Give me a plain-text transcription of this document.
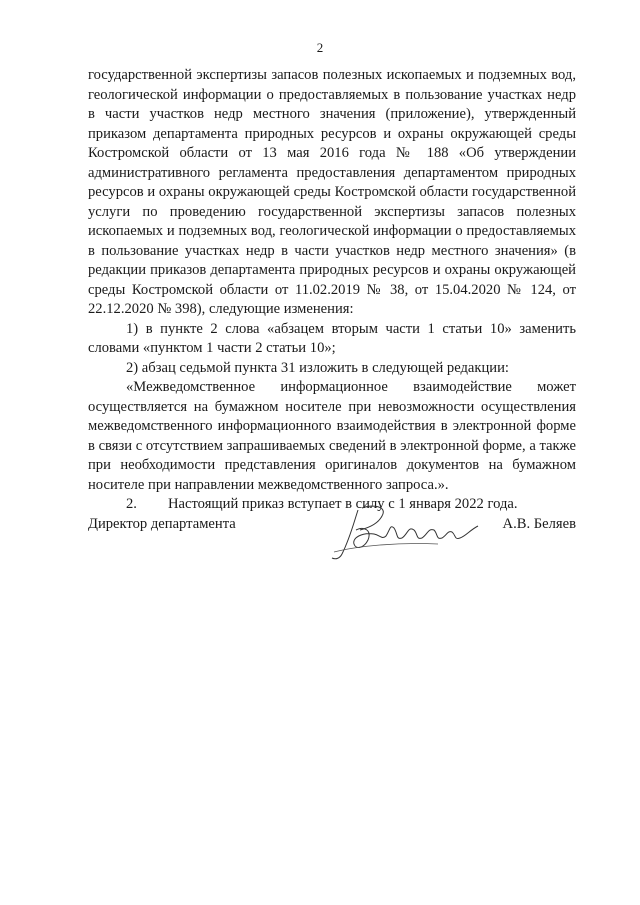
2

государственной экспертизы запасов полезных ископаемых и подземных вод, геологической информации о предоставляемых в пользование участках недр в части участков недр местного значения (приложение), утвержденный приказом департамента природных ресурсов и охраны окружающей среды Костромской области от 13 мая 2016 года № 188 «Об утверждении административного регламента предоставления департаментом природных ресурсов и охраны окружающей среды Костромской области государственной услуги по проведению государственной экспертизы запасов полезных ископаемых и подземных вод, геологической информации о предоставляемых в пользование участках недр в части участков недр местного значения» (в редакции приказов департамента природных ресурсов и охраны окружающей среды Костромской области от 11.02.2019 № 38, от 15.04.2020 № 124, от 22.12.2020 № 398), следующие изменения:

1) в пункте 2 слова «абзацем вторым части 1 статьи 10» заменить словами «пунктом 1 части 2 статьи 10»;

2) абзац седьмой пункта 31 изложить в следующей редакции:

«Межведомственное информационное взаимодействие может осуществляется на бумажном носителе при невозможности осуществления межведомственного информационного взаимодействия в электронной форме в связи с отсутствием запрашиваемых сведений в электронной форме, а также при необходимости представления оригиналов документов на бумажном носителе при направлении межведомственного запроса.».

2. Настоящий приказ вступает в силу с 1 января 2022 года.

Директор департамента	А.В. Беляев
